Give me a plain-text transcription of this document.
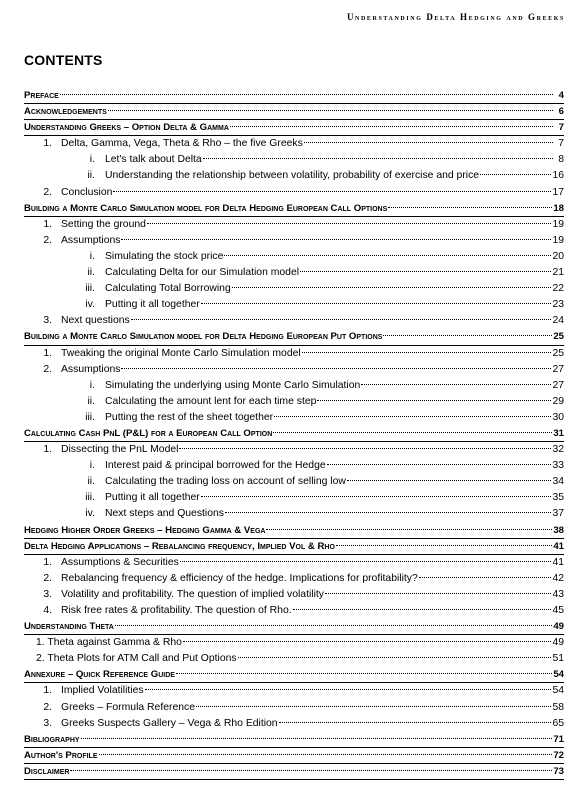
Understanding Delta Hedging and Greeks
CONTENTS
Preface	4
Acknowledgements	6
Understanding Greeks – Option Delta & Gamma	7
1. Delta, Gamma, Vega, Theta & Rho – the five Greeks	7
i. Let's talk about Delta	8
ii. Understanding the relationship between volatility, probability of exercise and price	16
2. Conclusion	17
Building a Monte Carlo Simulation model for Delta Hedging European Call Options	18
1. Setting the ground	19
2. Assumptions	19
i. Simulating the stock price	20
ii. Calculating Delta for our Simulation model	21
iii. Calculating Total Borrowing	22
iv. Putting it all together	23
3. Next questions	24
Building a Monte Carlo Simulation model for Delta Hedging European Put Options	25
1. Tweaking the original Monte Carlo Simulation model	25
2. Assumptions	27
i. Simulating the underlying using Monte Carlo Simulation	27
ii. Calculating the amount lent for each time step	29
iii. Putting the rest of the sheet together	30
Calculating Cash PnL (P&L) for a European Call Option	31
1. Dissecting the PnL Model	32
i. Interest paid & principal borrowed for the Hedge	33
ii. Calculating the trading loss on account of selling low	34
iii. Putting it all together	35
iv. Next steps and Questions	37
Hedging Higher Order Greeks – Hedging Gamma & Vega	38
Delta Hedging Applications – Rebalancing frequency, Implied Vol & Rho	41
1. Assumptions & Securities	41
2. Rebalancing frequency & efficiency of the hedge. Implications for profitability?	42
3. Volatility and profitability. The question of implied volatility	43
4. Risk free rates & profitability. The question of Rho.	45
Understanding Theta	49
1. Theta against Gamma & Rho	49
2. Theta Plots for ATM Call and Put Options	51
Annexure – Quick Reference Guide	54
1. Implied Volatilities	54
2. Greeks – Formula Reference	58
3. Greeks Suspects Gallery – Vega & Rho Edition	65
Bibliography	71
Author's Profile	72
Disclaimer	73
